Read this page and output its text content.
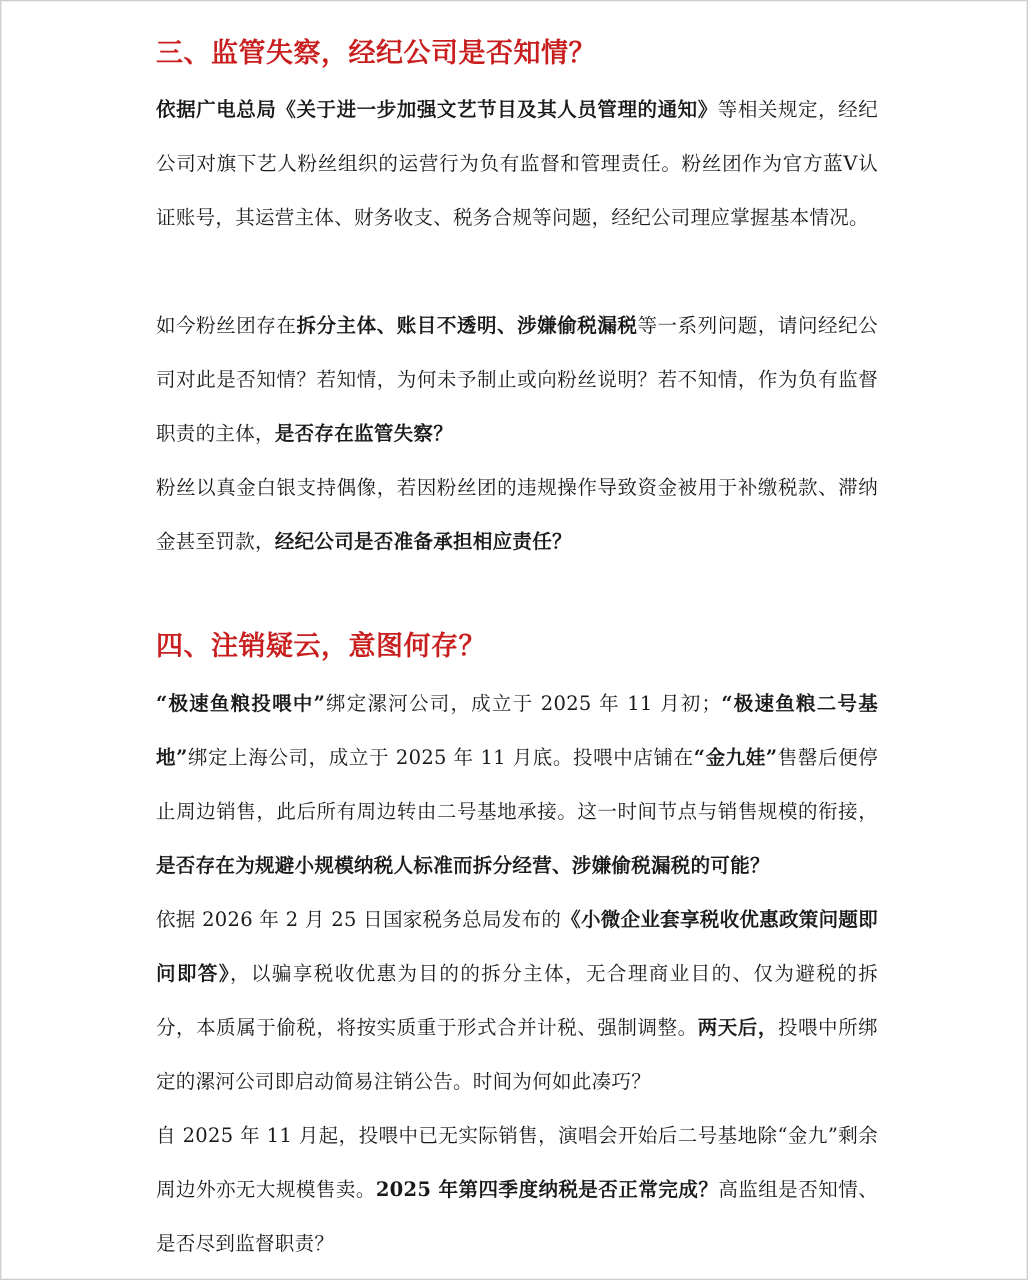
三、监管失察，经纪公司是否知情？
依据广电总局《关于进一步加强文艺节目及其人员管理的通知》等相关规定，经纪公司对旗下艺人粉丝组织的运营行为负有监督和管理责任。粉丝团作为官方蓝V认证账号，其运营主体、财务收支、税务合规等问题，经纪公司理应掌握基本情况。
如今粉丝团存在拆分主体、账目不透明、涉嫌偷税漏税等一系列问题，请问经纪公司对此是否知情？若知情，为何未予制止或向粉丝说明？若不知情，作为负有监督职责的主体，是否存在监管失察？
粉丝以真金白银支持偶像，若因粉丝团的违规操作导致资金被用于补缴税款、滞纳金甚至罚款，经纪公司是否准备承担相应责任？
四、注销疑云，意图何存？
“极速鱼粮投喂中”绑定漯河公司，成立于 2025 年 11 月初；“极速鱼粮二号基地”绑定上海公司，成立于 2025 年 11 月底。投喂中店铺在“金九娃”售罄后便停止周边销售，此后所有周边转由二号基地承接。这一时间节点与销售规模的衔接，是否存在为规避小规模纳税人标准而拆分经营、涉嫌偷税漏税的可能？
依据 2026 年 2 月 25 日国家税务总局发布的《小微企业套享税收优惠政策问题即问即答》，以骗享税收优惠为目的的拆分主体，无合理商业目的、仅为避税的拆分，本质属于偷税，将按实质重于形式合并计税、强制调整。两天后，投喂中所绑定的漯河公司即启动简易注销公告。时间为何如此凑巧？
自 2025 年 11 月起，投喂中已无实际销售，演唱会开始后二号基地除“金九”剩余周边外亦无大规模售卖。2025 年第四季度纳税是否正常完成？高监组是否知情、是否尽到监督职责？
